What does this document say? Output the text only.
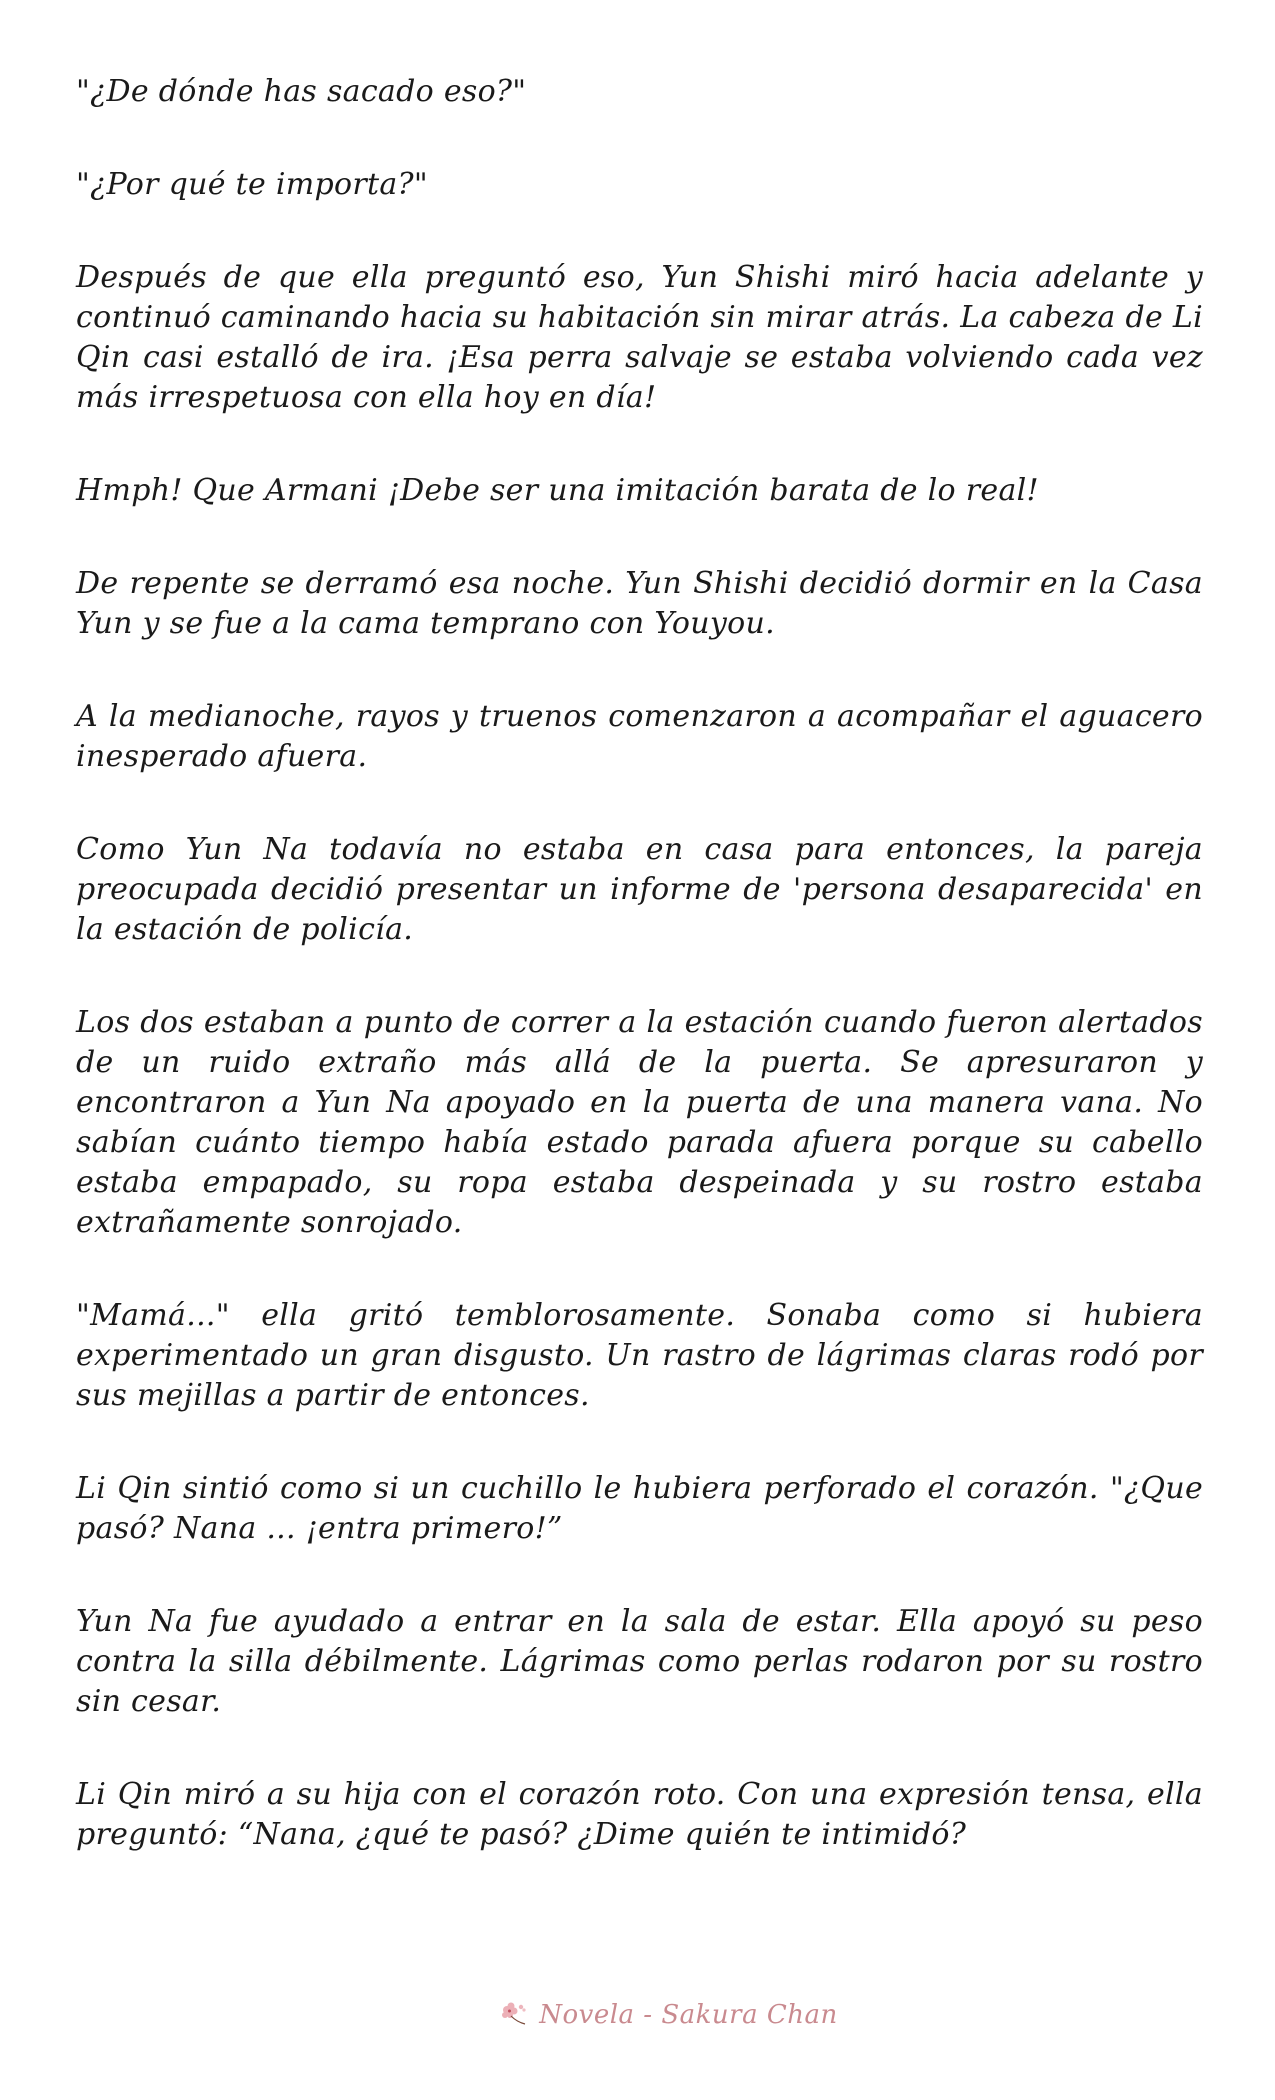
"¿De dónde has sacado eso?"

"¿Por qué te importa?"

Después de que ella preguntó eso, Yun Shishi miró hacia adelante y continuó caminando hacia su habitación sin mirar atrás. La cabeza de Li Qin casi estalló de ira. ¡Esa perra salvaje se estaba volviendo cada vez más irrespetuosa con ella hoy en día!

Hmph! Que Armani ¡Debe ser una imitación barata de lo real!

De repente se derramó esa noche. Yun Shishi decidió dormir en la Casa Yun y se fue a la cama temprano con Youyou.

A la medianoche, rayos y truenos comenzaron a acompañar el aguacero inesperado afuera.

Como Yun Na todavía no estaba en casa para entonces, la pareja preocupada decidió presentar un informe de 'persona desaparecida' en la estación de policía.

Los dos estaban a punto de correr a la estación cuando fueron alertados de un ruido extraño más allá de la puerta. Se apresuraron y encontraron a Yun Na apoyado en la puerta de una manera vana. No sabían cuánto tiempo había estado parada afuera porque su cabello estaba empapado, su ropa estaba despeinada y su rostro estaba extrañamente sonrojado.

"Mamá..." ella gritó temblorosamente. Sonaba como si hubiera experimentado un gran disgusto. Un rastro de lágrimas claras rodó por sus mejillas a partir de entonces.

Li Qin sintió como si un cuchillo le hubiera perforado el corazón. "¿Que pasó? Nana ... ¡entra primero!”

Yun Na fue ayudado a entrar en la sala de estar. Ella apoyó su peso contra la silla débilmente. Lágrimas como perlas rodaron por su rostro sin cesar.

Li Qin miró a su hija con el corazón roto. Con una expresión tensa, ella preguntó: “Nana, ¿qué te pasó? ¿Dime quién te intimidó?

Novela - Sakura Chan
